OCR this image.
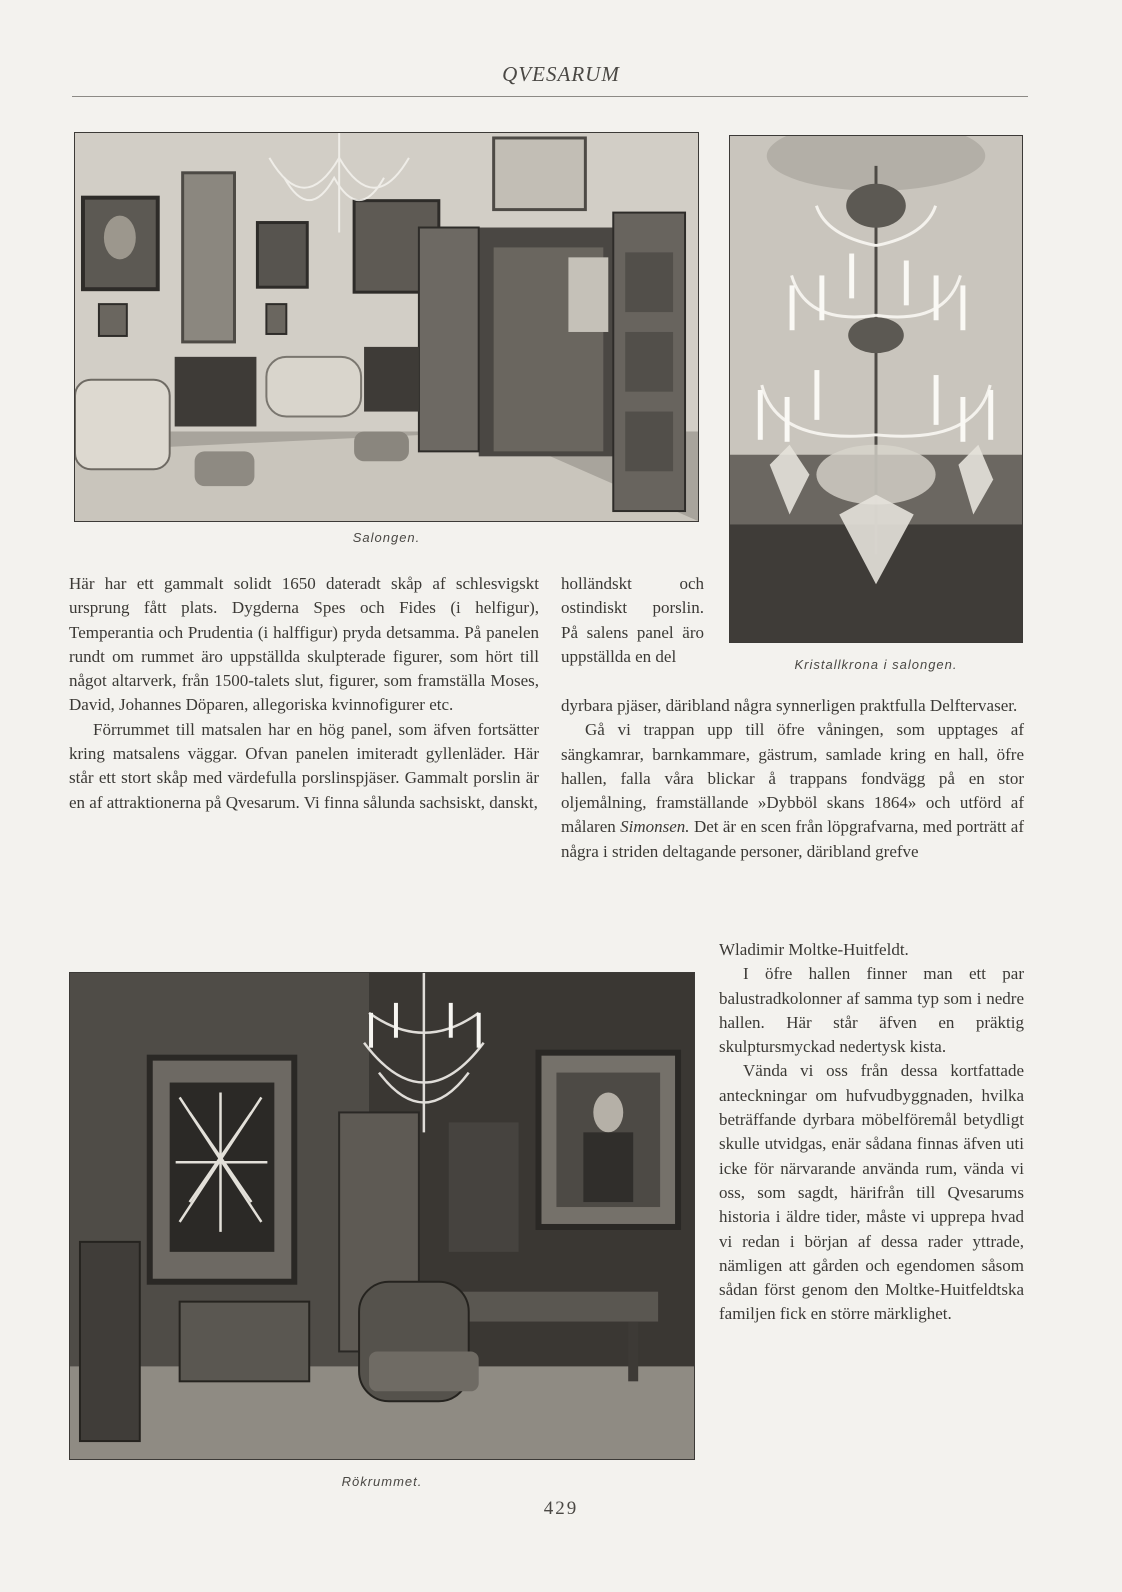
QVESARUM
Salongen.
Kristallkrona i salongen.
Rökrummet.

Här har ett gammalt solidt 1650 dateradt skåp af schlesvigskt ursprung fått plats. Dygderna Spes och Fides (i helfigur), Temperantia och Prudentia (i halffigur) pryda detsamma. På panelen rundt om rummet äro uppställda skulpterade figurer, som hört till något altarverk, från 1500-talets slut, figurer, som framställa Moses, David, Johannes Döparen, allegoriska kvinnofigurer etc.

Förrummet till matsalen har en hög panel, som äfven fortsätter kring matsalens väggar. Ofvan panelen imiteradt gyllenläder. Här står ett stort skåp med värdefulla porslinspjäser. Gammalt porslin är en af attraktionerna på Qvesarum. Vi finna sålunda sachsiskt, danskt,

holländskt och ostindiskt porslin. På salens panel äro uppställda en del

dyrbara pjäser, däribland några synnerligen praktfulla Delftervaser.

Gå vi trappan upp till öfre våningen, som upptages af sängkamrar, barnkammare, gästrum, samlade kring en hall, öfre hallen, falla våra blickar å trappans fondvägg på en stor oljemålning, framställande »Dybböl skans 1864» och utförd af målaren Simonsen. Det är en scen från löpgrafvarna, med porträtt af några i striden deltagande personer, däribland grefve

Wladimir Moltke-Huitfeldt.

I öfre hallen finner man ett par balustradkolonner af samma typ som i nedre hallen. Här står äfven en präktig skulptursmyckad nedertysk kista.

Vända vi oss från dessa kortfattade anteckningar om hufvudbyggnaden, hvilka beträffande dyrbara möbelföremål betydligt skulle utvidgas, enär sådana finnas äfven uti icke för närvarande använda rum, vända vi oss, som sagdt, härifrån till Qvesarums historia i äldre tider, måste vi upprepa hvad vi redan i början af dessa rader yttrade, nämligen att gården och egendomen såsom sådan först genom den Moltke-Huitfeldtska familjen fick en större märklighet.

429
